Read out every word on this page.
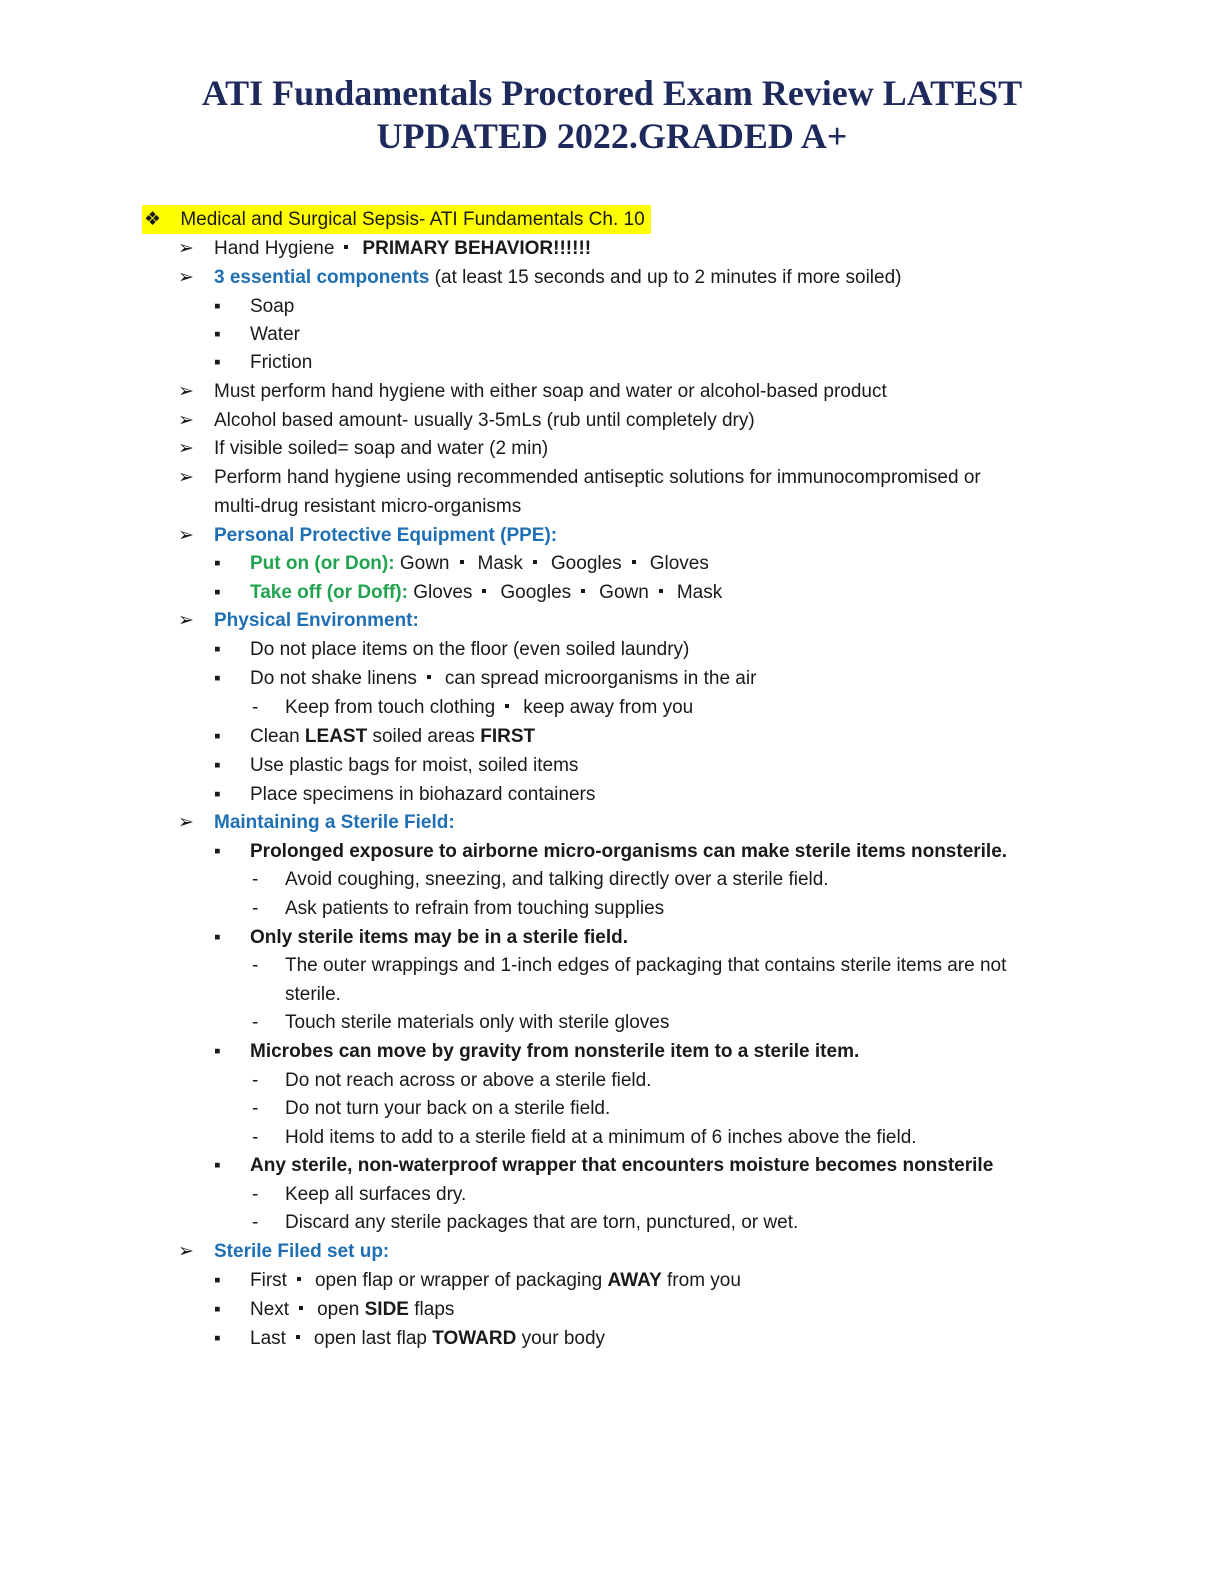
ATI Fundamentals Proctored Exam Review LATEST
UPDATED 2022.GRADED A+
❖ Medical and Surgical Sepsis- ATI Fundamentals Ch. 10
➢ Hand Hygiene PRIMARY BEHAVIOR!!!!!!
➢ 3 essential components (at least 15 seconds and up to 2 minutes if more soiled)
▪ Soap
▪ Water
▪ Friction
➢ Must perform hand hygiene with either soap and water or alcohol-based product
➢ Alcohol based amount- usually 3-5mLs (rub until completely dry)
➢ If visible soiled= soap and water (2 min)
➢ Perform hand hygiene using recommended antiseptic solutions for immunocompromised or
multi-drug resistant micro-organisms
➢ Personal Protective Equipment (PPE):
▪ Put on (or Don): Gown Mask Googles Gloves
▪ Take off (or Doff): Gloves Googles Gown Mask
➢ Physical Environment:
▪ Do not place items on the floor (even soiled laundry)
▪ Do not shake linens can spread microorganisms in the air
- Keep from touch clothing keep away from you
▪ Clean LEAST soiled areas FIRST
▪ Use plastic bags for moist, soiled items
▪ Place specimens in biohazard containers
➢ Maintaining a Sterile Field:
▪ Prolonged exposure to airborne micro-organisms can make sterile items nonsterile.
- Avoid coughing, sneezing, and talking directly over a sterile field.
- Ask patients to refrain from touching supplies
▪ Only sterile items may be in a sterile field.
- The outer wrappings and 1-inch edges of packaging that contains sterile items are not
sterile.
- Touch sterile materials only with sterile gloves
▪ Microbes can move by gravity from nonsterile item to a sterile item.
- Do not reach across or above a sterile field.
- Do not turn your back on a sterile field.
- Hold items to add to a sterile field at a minimum of 6 inches above the field.
▪ Any sterile, non-waterproof wrapper that encounters moisture becomes nonsterile
- Keep all surfaces dry.
- Discard any sterile packages that are torn, punctured, or wet.
➢ Sterile Filed set up:
▪ First open flap or wrapper of packaging AWAY from you
▪ Next open SIDE flaps
▪ Last open last flap TOWARD your body
